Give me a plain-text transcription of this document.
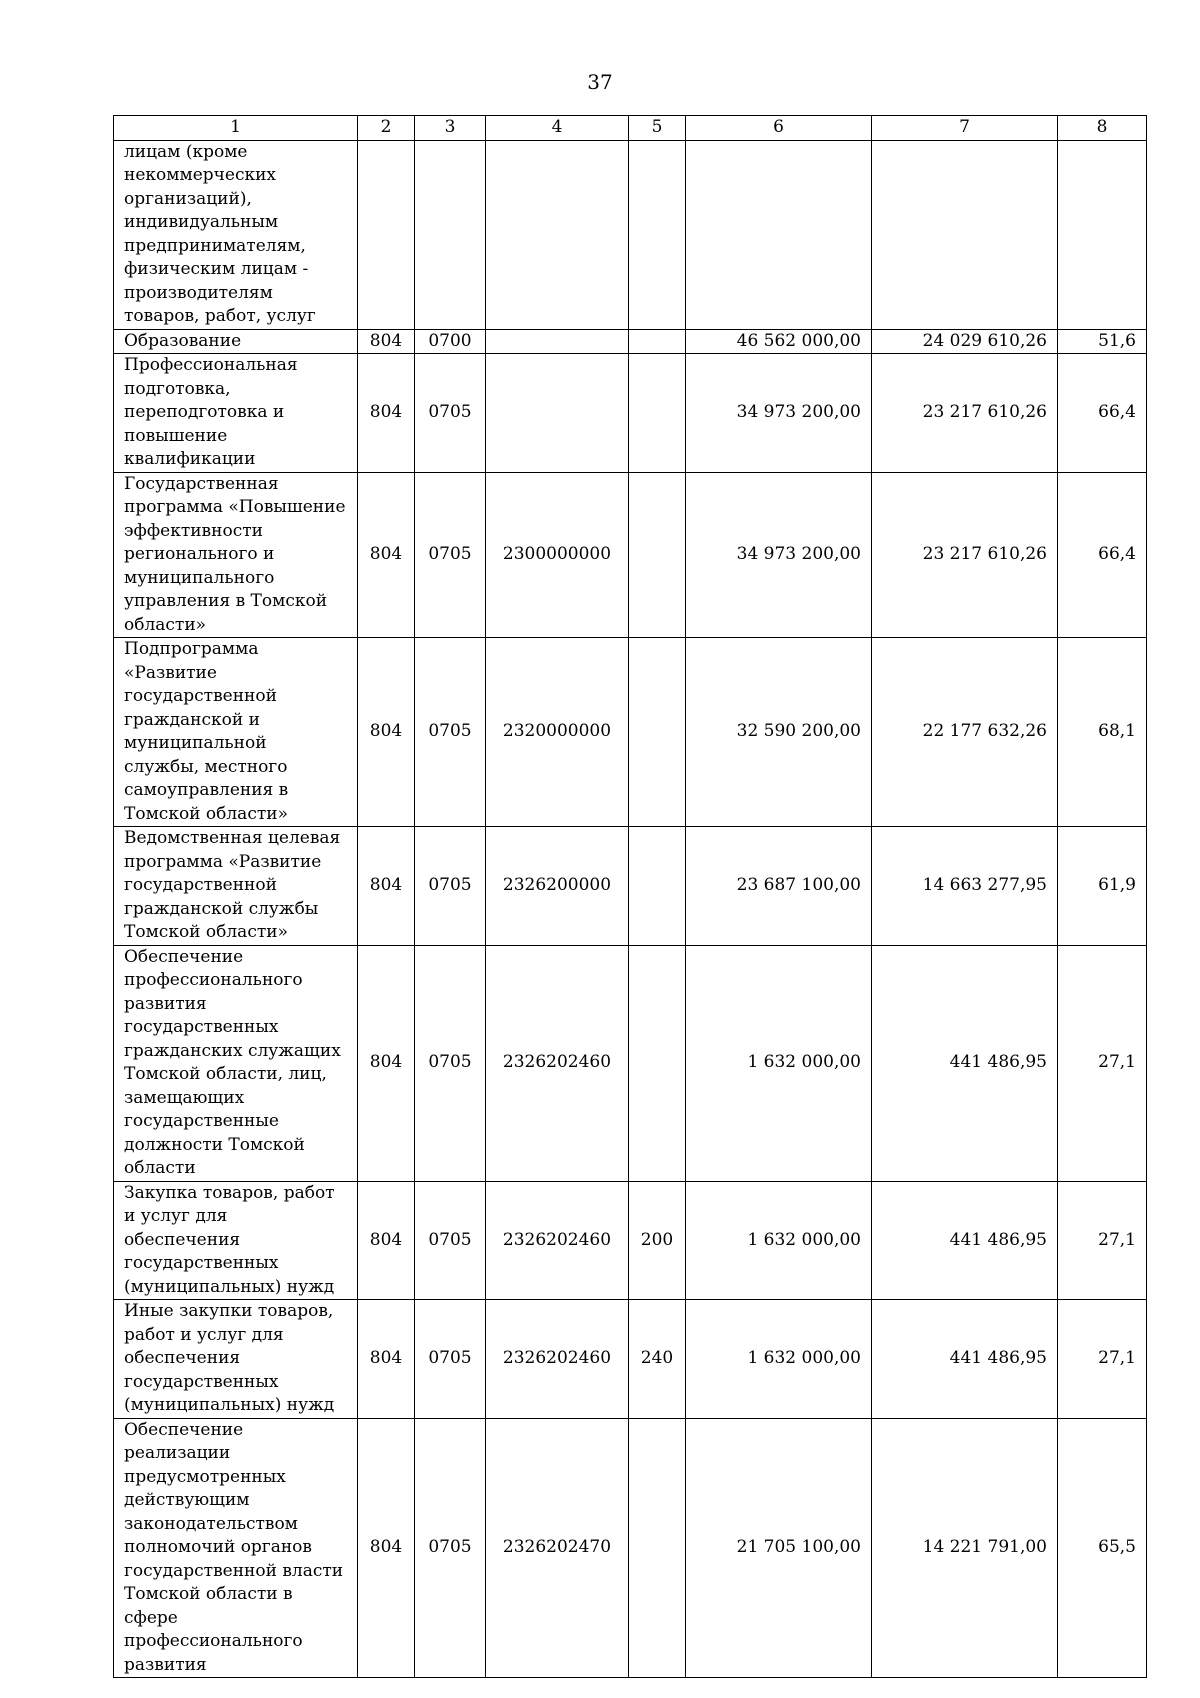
37
1	2	3	4	5	6	7	8
лицам (кроме некоммерческих организаций), индивидуальным предпринимателям, физическим лицам - производителям товаров, работ, услуг							
Образование	804	0700			46 562 000,00	24 029 610,26	51,6
Профессиональная подготовка, переподготовка и повышение квалификации	804	0705			34 973 200,00	23 217 610,26	66,4
Государственная программа «Повышение эффективности регионального и муниципального управления в Томской области»	804	0705	2300000000		34 973 200,00	23 217 610,26	66,4
Подпрограмма «Развитие государственной гражданской и муниципальной службы, местного самоуправления в Томской области»	804	0705	2320000000		32 590 200,00	22 177 632,26	68,1
Ведомственная целевая программа «Развитие государственной гражданской службы Томской области»	804	0705	2326200000		23 687 100,00	14 663 277,95	61,9
Обеспечение профессионального развития государственных гражданских служащих Томской области, лиц, замещающих государственные должности Томской области	804	0705	2326202460		1 632 000,00	441 486,95	27,1
Закупка товаров, работ и услуг для обеспечения государственных (муниципальных) нужд	804	0705	2326202460	200	1 632 000,00	441 486,95	27,1
Иные закупки товаров, работ и услуг для обеспечения государственных (муниципальных) нужд	804	0705	2326202460	240	1 632 000,00	441 486,95	27,1
Обеспечение реализации предусмотренных действующим законодательством полномочий органов государственной власти Томской области в сфере профессионального развития	804	0705	2326202470		21 705 100,00	14 221 791,00	65,5
